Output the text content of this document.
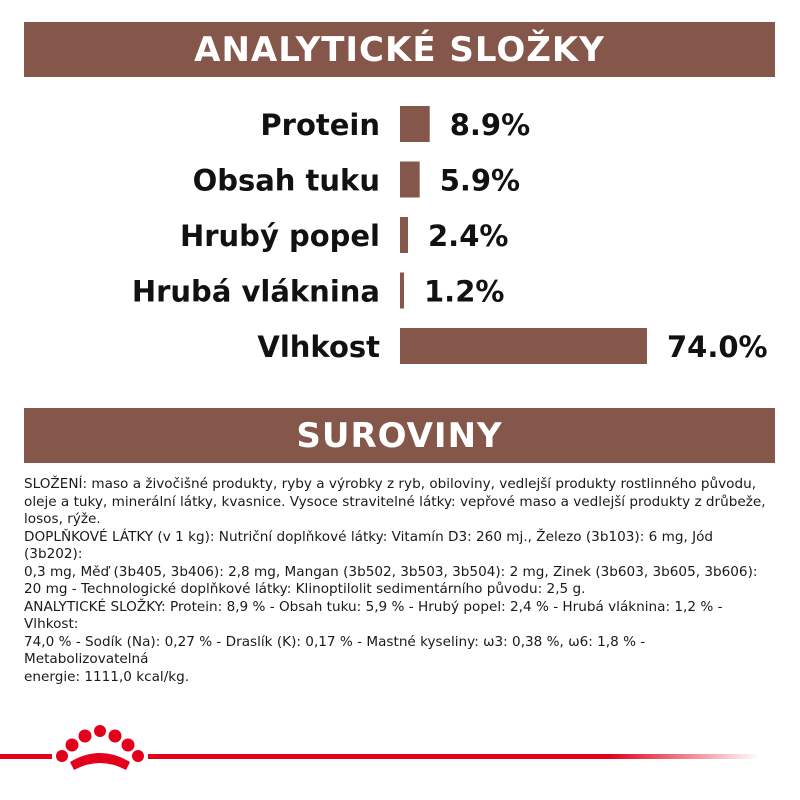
ANALYTICKÉ SLOŽKY
Protein 8.9%
Obsah tuku 5.9%
Hrubý popel 2.4%
Hrubá vláknina 1.2%
Vlhkost	74.0%
SUROVINY

SLOŽENÍ: maso a živočišné produkty, ryby a výrobky z ryb, obiloviny, vedlejší produkty rostlinného původu,

oleje a tuky, minerální látky, kvasnice. Vysoce stravitelné látky: vepřové maso a vedlejší produkty z drůbeže,

losos, rýže.

DOPLŇKOVÉ LÁTKY (v 1 kg): Nutriční doplňkové látky: Vitamín D3: 260 mj., Železo (3b103): 6 mg, Jód (3b202):

0,3 mg, Měď (3b405, 3b406): 2,8 mg, Mangan (3b502, 3b503, 3b504): 2 mg, Zinek (3b603, 3b605, 3b606):

20 mg - Technologické doplňkové látky: Klinoptilolit sedimentárního původu: 2,5 g.

ANALYTICKÉ SLOŽKY: Protein: 8,9 % - Obsah tuku: 5,9 % - Hrubý popel: 2,4 % - Hrubá vláknina: 1,2 % - Vlhkost:

74,0 % - Sodík (Na): 0,27 % - Draslík (K): 0,17 % - Mastné kyseliny: ω3: 0,38 %, ω6: 1,8 % - Metabolizovatelná

energie: 1111,0 kcal/kg.
